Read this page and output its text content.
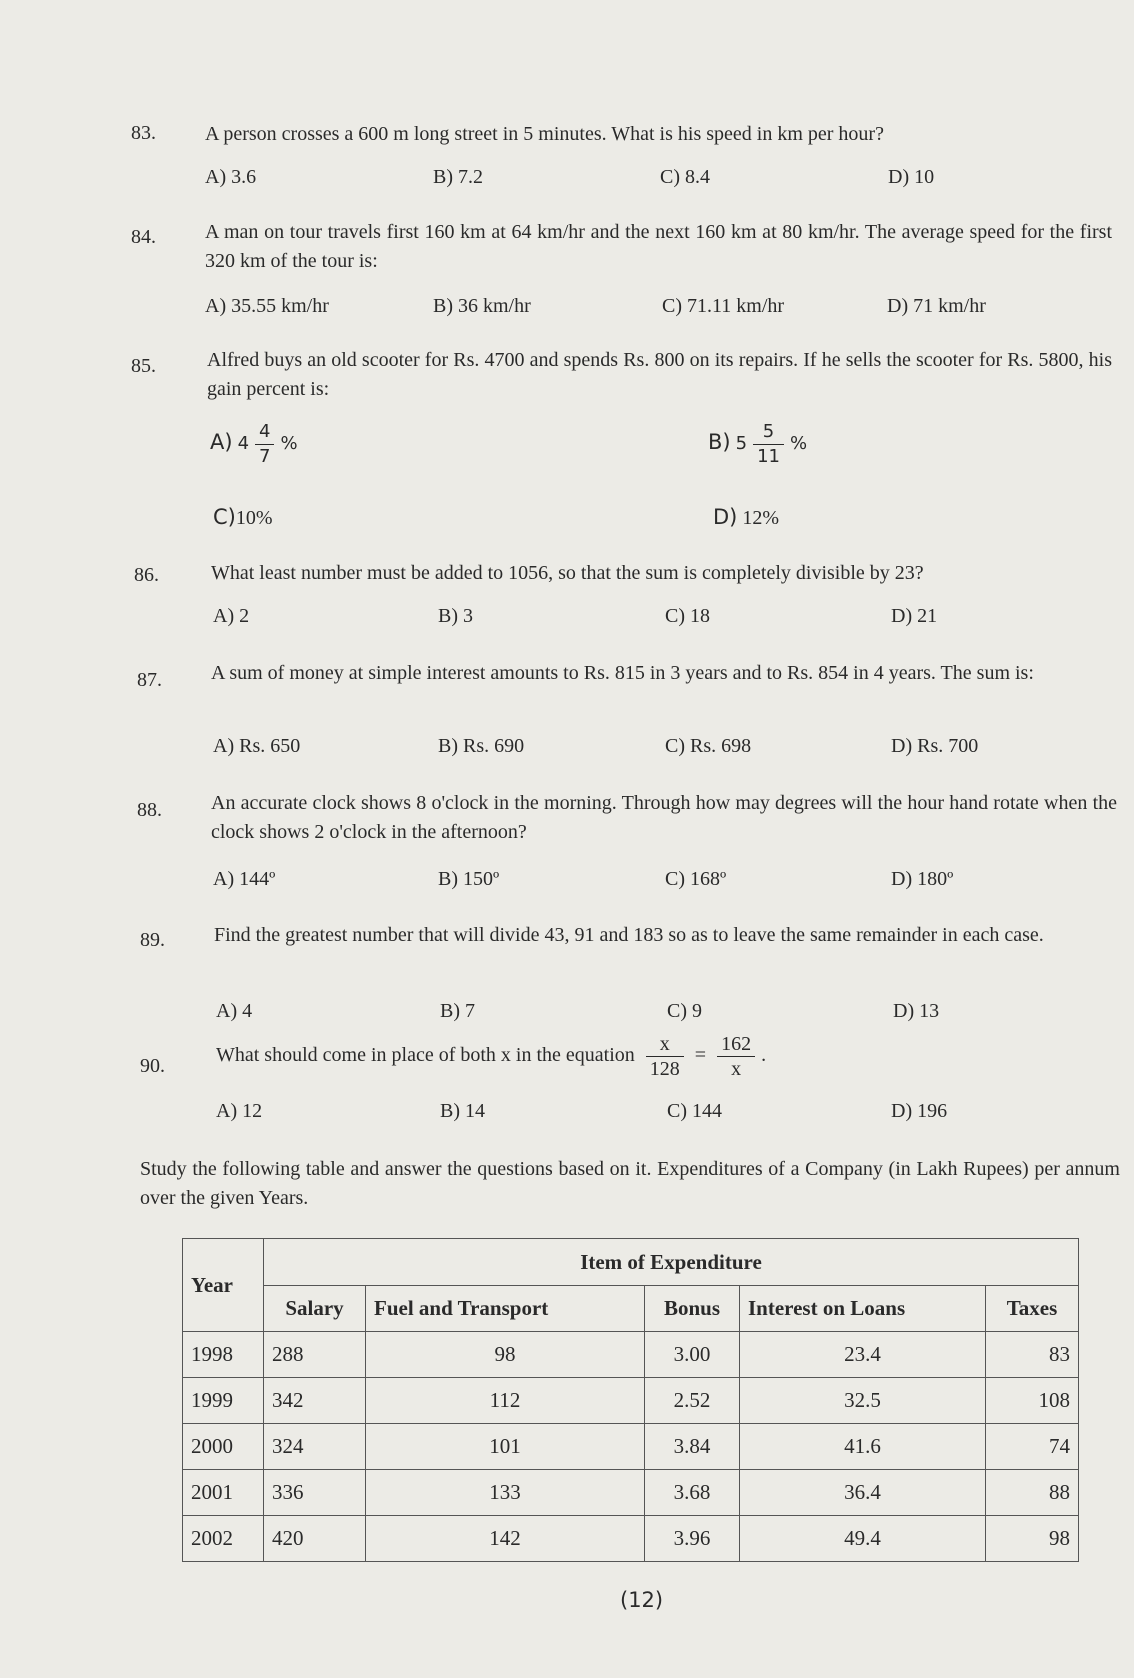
83. A person crosses a 600 m long street in 5 minutes. What is his speed in km per hour?
A) 3.6	B) 7.2	C) 8.4	D) 10
84. A man on tour travels first 160 km at 64 km/hr and the next 160 km at 80 km/hr. The average speed for the first 320 km of the tour is:
A) 35.55 km/hr	B) 36 km/hr	C) 71.11 km/hr	D) 71 km/hr
85.	Alfred buys an old scooter for Rs. 4700 and spends Rs. 800 on its repairs. If he sells the scooter for Rs. 5800, his gain percent is:
A) $4 \frac{4}{7}$ %	B) $5 \frac{5}{11}$ %
C)10%	D) 12%
86.	What least number must be added to 1056, so that the sum is completely divisible by 23?
A) 2	B) 3	C) 18	D) 21
87. A sum of money at simple interest amounts to Rs. 815 in 3 years and to Rs. 854 in 4 years. The sum is:
A) Rs. 650	B) Rs. 690	C) Rs. 698	D) Rs. 700
88. An accurate clock shows 8 o'clock in the morning. Through how may degrees will the hour hand rotate when the clock shows 2 o'clock in the afternoon?
A) 144º	B) 150º	C) 168º	D) 180º
89. Find the greatest number that will divide 43, 91 and 183 so as to leave the same remainder in each case.
A) 4	B) 7	C) 9	D) 13
90.	What should come in place of both x in the equation $\frac{x}{128} = \frac{162}{x}$ .
A) 12	B) 14	C) 144	D) 196
Study the following table and answer the questions based on it. Expenditures of a Company (in Lakh Rupees) per annum over the given Years.
Year	Item of Expenditure				
	Salary	Fuel and Transport	Bonus	Interest on Loans	Taxes
1998	288	98	3.00	23.4	83
1999	342	112	2.52	32.5	108
2000	324	101	3.84	41.6	74
2001	336	133	3.68	36.4	88
2002	420	142	3.96	49.4	98
(12)
